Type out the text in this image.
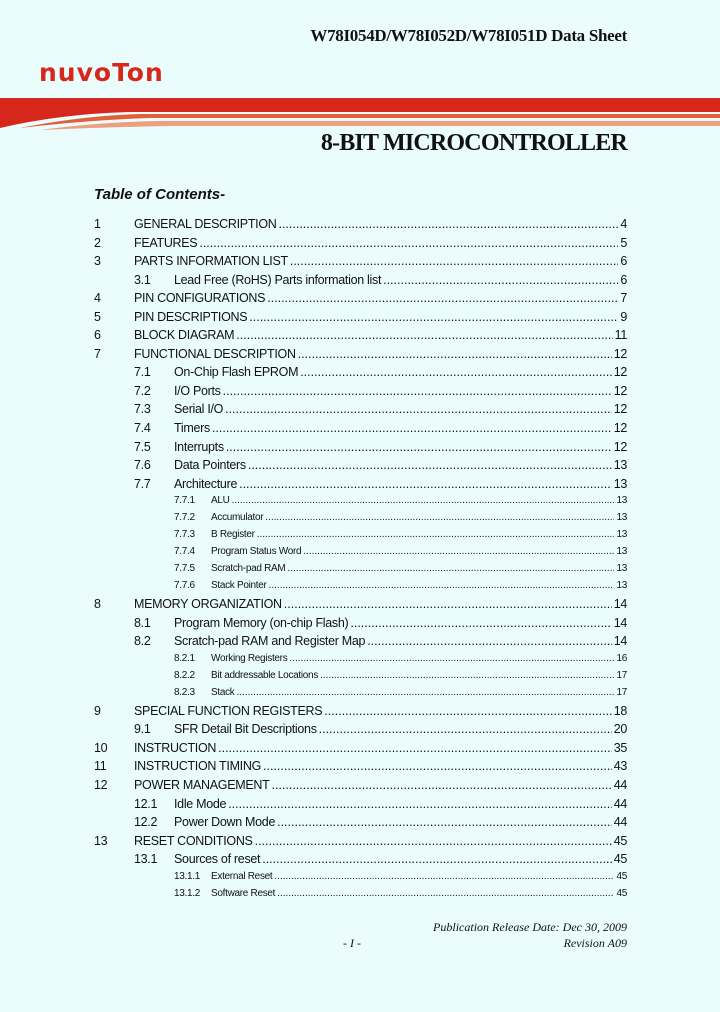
W78I054D/W78I052D/W78I051D Data Sheet
nuvoTon
8-BIT MICROCONTROLLER
Table of Contents-
1	GENERAL DESCRIPTION .....	4
2	FEATURES .....	5
3	PARTS INFORMATION LIST .....	6
3.1	Lead Free (RoHS) Parts information list .....	6
4	PIN CONFIGURATIONS .....	7
5	PIN DESCRIPTIONS .....	9
6	BLOCK DIAGRAM .....	11
7	FUNCTIONAL DESCRIPTION .....	12
7.1	On-Chip Flash EPROM .....	12
7.2	I/O Ports .....	12
7.3	Serial I/O .....	12
7.4	Timers .....	12
7.5	Interrupts .....	12
7.6	Data Pointers .....	13
7.7	Architecture .....	13
7.7.1	ALU .....	13
7.7.2	Accumulator .....	13
7.7.3	B Register .....	13
7.7.4	Program Status Word .....	13
7.7.5	Scratch-pad RAM .....	13
7.7.6	Stack Pointer .....	13
8	MEMORY ORGANIZATION .....	14
8.1	Program Memory (on-chip Flash) .....	14
8.2	Scratch-pad RAM and Register Map .....	14
8.2.1	Working Registers .....	16
8.2.2	Bit addressable Locations .....	17
8.2.3	Stack .....	17
9	SPECIAL FUNCTION REGISTERS .....	18
9.1	SFR Detail Bit Descriptions .....	20
10	INSTRUCTION .....	35
11	INSTRUCTION TIMING .....	43
12	POWER MANAGEMENT .....	44
12.1	Idle Mode .....	44
12.2	Power Down Mode .....	44
13	RESET CONDITIONS .....	45
13.1	Sources of reset .....	45
13.1.1	External Reset .....	45
13.1.2	Software Reset .....	45
Publication Release Date: Dec 30, 2009
- I -	Revision A09
